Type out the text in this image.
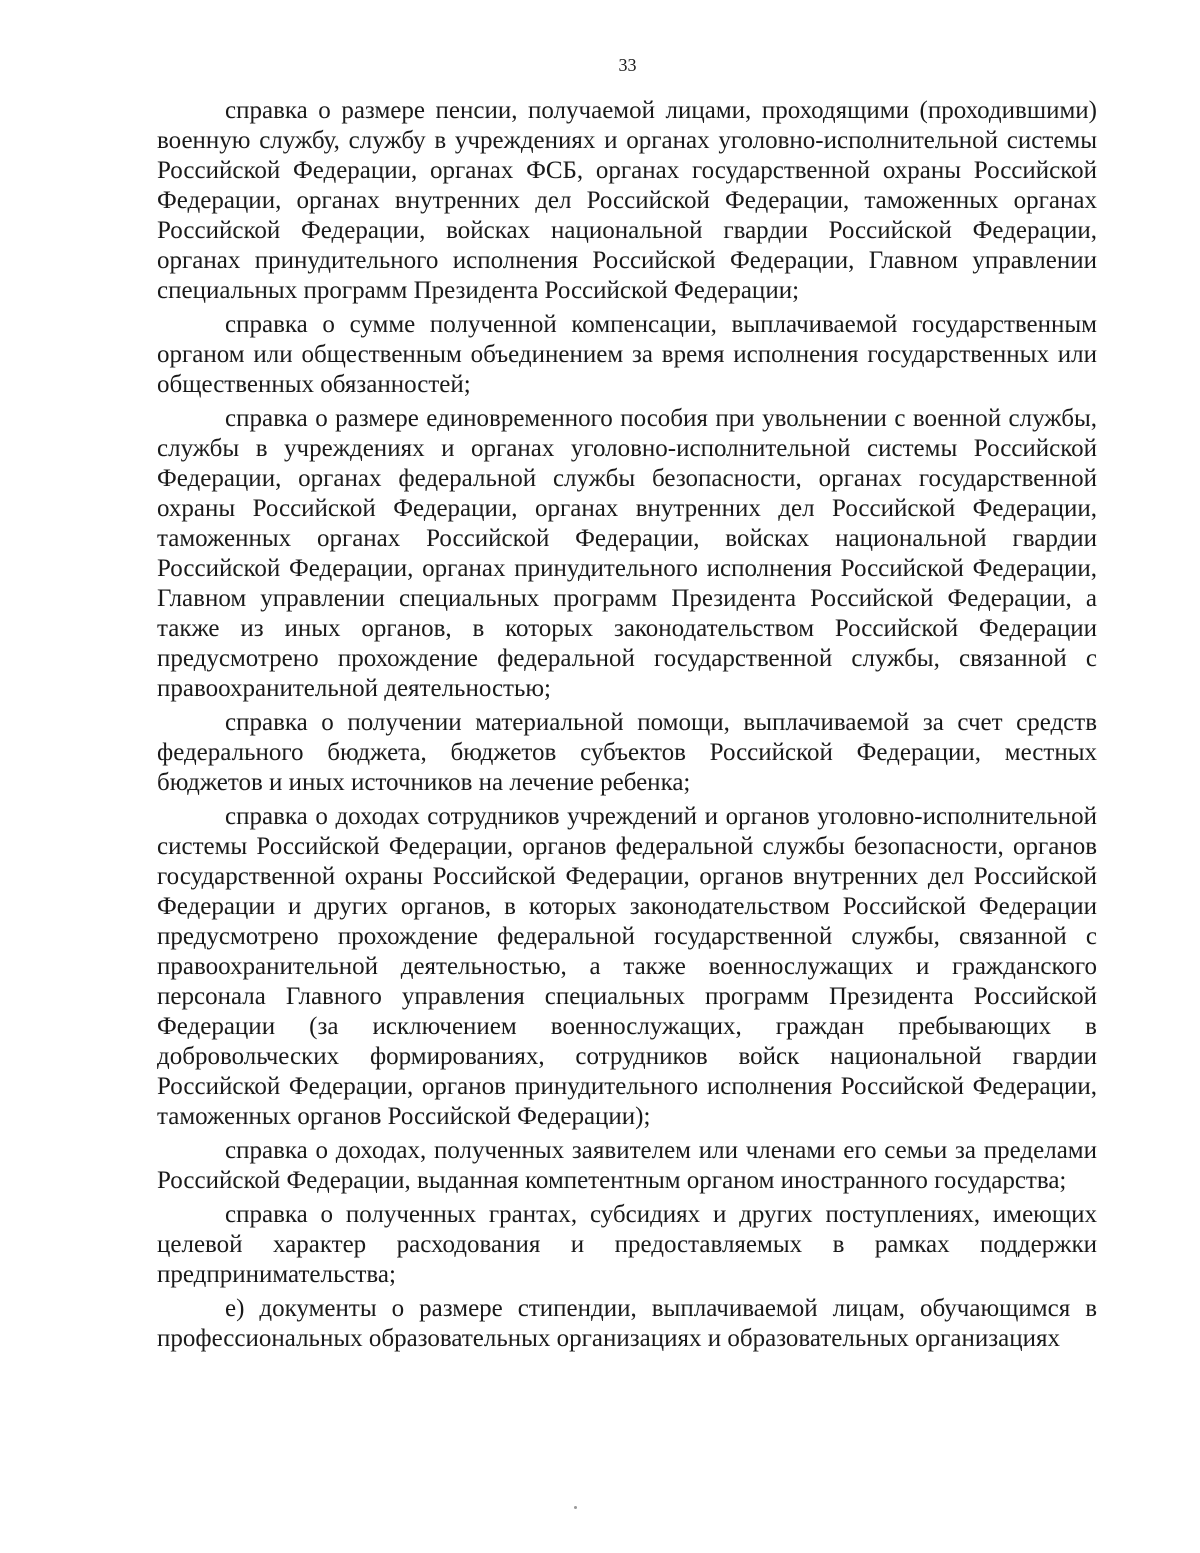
33

справка о размере пенсии, получаемой лицами, проходящими (проходившими) военную службу, службу в учреждениях и органах уголовно-исполнительной системы Российской Федерации, органах ФСБ, органах государственной охраны Российской Федерации, органах внутренних дел Российской Федерации, таможенных органах Российской Федерации, войсках национальной гвардии Российской Федерации, органах принудительного исполнения Российской Федерации, Главном управлении специальных программ Президента Российской Федерации;

справка о сумме полученной компенсации, выплачиваемой государственным органом или общественным объединением за время исполнения государственных или общественных обязанностей;

справка о размере единовременного пособия при увольнении с военной службы, службы в учреждениях и органах уголовно-исполнительной системы Российской Федерации, органах федеральной службы безопасности, органах государственной охраны Российской Федерации, органах внутренних дел Российской Федерации, таможенных органах Российской Федерации, войсках национальной гвардии Российской Федерации, органах принудительного исполнения Российской Федерации, Главном управлении специальных программ Президента Российской Федерации, а также из иных органов, в которых законодательством Российской Федерации предусмотрено прохождение федеральной государственной службы, связанной с правоохранительной деятельностью;

справка о получении материальной помощи, выплачиваемой за счет средств федерального бюджета, бюджетов субъектов Российской Федерации, местных бюджетов и иных источников на лечение ребенка;

справка о доходах сотрудников учреждений и органов уголовно-исполнительной системы Российской Федерации, органов федеральной службы безопасности, органов государственной охраны Российской Федерации, органов внутренних дел Российской Федерации и других органов, в которых законодательством Российской Федерации предусмотрено прохождение федеральной государственной службы, связанной с правоохранительной деятельностью, а также военнослужащих и гражданского персонала Главного управления специальных программ Президента Российской Федерации (за исключением военнослужащих, граждан пребывающих в добровольческих формированиях, сотрудников войск национальной гвардии Российской Федерации, органов принудительного исполнения Российской Федерации, таможенных органов Российской Федерации);

справка о доходах, полученных заявителем или членами его семьи за пределами Российской Федерации, выданная компетентным органом иностранного государства;

справка о полученных грантах, субсидиях и других поступлениях, имеющих целевой характер расходования и предоставляемых в рамках поддержки предпринимательства;

е) документы о размере стипендии, выплачиваемой лицам, обучающимся в профессиональных образовательных организациях и образовательных организациях
